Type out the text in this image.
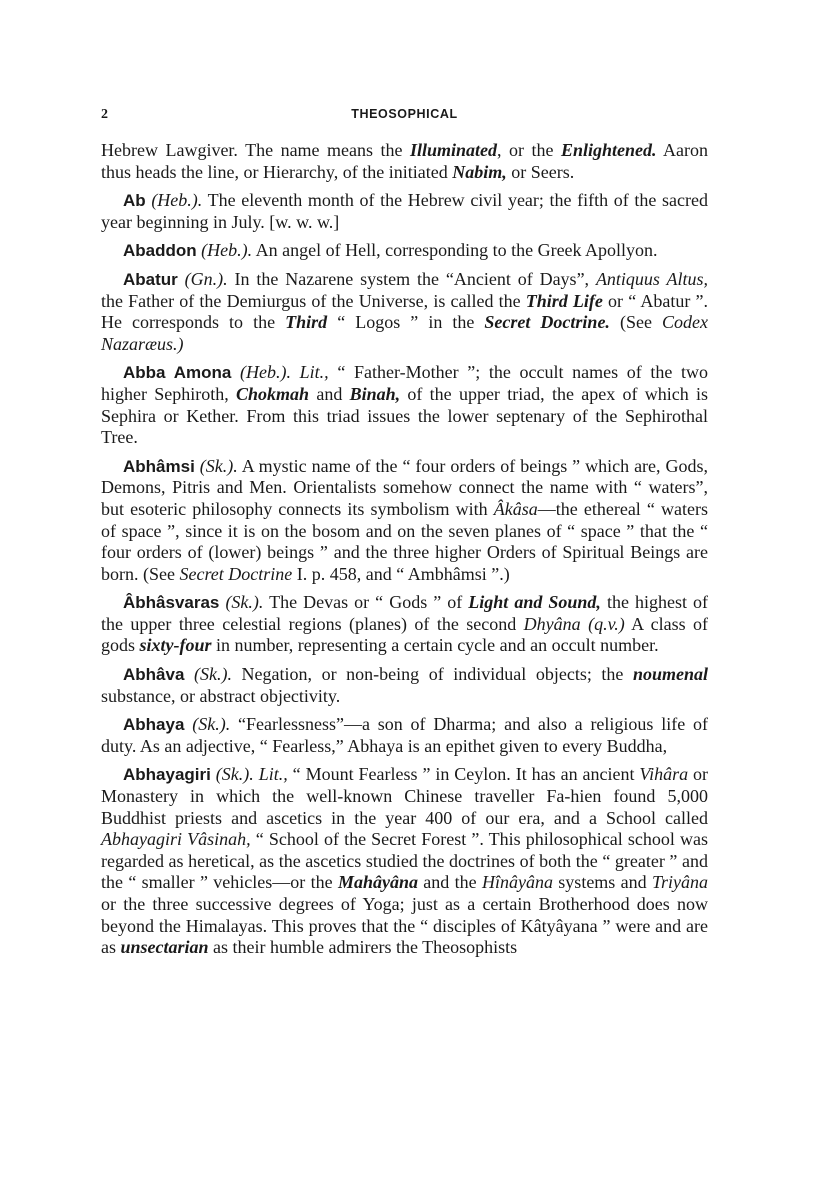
2	THEOSOPHICAL

Hebrew Lawgiver. The name means the Illuminated, or the Enlightened. Aaron thus heads the line, or Hierarchy, of the initiated Nabim, or Seers.

Ab (Heb.). The eleventh month of the Hebrew civil year; the fifth of the sacred year beginning in July. [w. w. w.]

Abaddon (Heb.). An angel of Hell, corresponding to the Greek Apollyon.

Abatur (Gn.). In the Nazarene system the “Ancient of Days”, Antiquus Altus, the Father of the Demiurgus of the Universe, is called the Third Life or “ Abatur ”. He corresponds to the Third “ Logos ” in the Secret Doctrine. (See Codex Nazaræus.)

Abba Amona (Heb.). Lit., “ Father-Mother ”; the occult names of the two higher Sephiroth, Chokmah and Binah, of the upper triad, the apex of which is Sephira or Kether. From this triad issues the lower septenary of the Sephirothal Tree.

Abhâmsi (Sk.). A mystic name of the “ four orders of beings ” which are, Gods, Demons, Pitris and Men. Orientalists somehow connect the name with “ waters”, but esoteric philosophy connects its symbolism with Âkâsa—the ethereal “ waters of space ”, since it is on the bosom and on the seven planes of “ space ” that the “ four orders of (lower) beings ” and the three higher Orders of Spiritual Beings are born. (See Secret Doctrine I. p. 458, and “ Ambhâmsi ”.)

Âbhâsvaras (Sk.). The Devas or “ Gods ” of Light and Sound, the highest of the upper three celestial regions (planes) of the second Dhyâna (q.v.) A class of gods sixty-four in number, representing a certain cycle and an occult number.

Abhâva (Sk.). Negation, or non-being of individual objects; the noumenal substance, or abstract objectivity.

Abhaya (Sk.). “Fearlessness”—a son of Dharma; and also a religious life of duty. As an adjective, “ Fearless,” Abhaya is an epithet given to every Buddha,

Abhayagiri (Sk.). Lit., “ Mount Fearless ” in Ceylon. It has an ancient Vihâra or Monastery in which the well-known Chinese traveller Fa-hien found 5,000 Buddhist priests and ascetics in the year 400 of our era, and a School called Abhayagiri Vâsinah, “ School of the Secret Forest ”. This philosophical school was regarded as heretical, as the ascetics studied the doctrines of both the “ greater ” and the “ smaller ” vehicles—or the Mahâyâna and the Hînâyâna systems and Triyâna or the three successive degrees of Yoga; just as a certain Brotherhood does now beyond the Himalayas. This proves that the “ disciples of Kâtyâyana ” were and are as unsectarian as their humble admirers the Theosophists
